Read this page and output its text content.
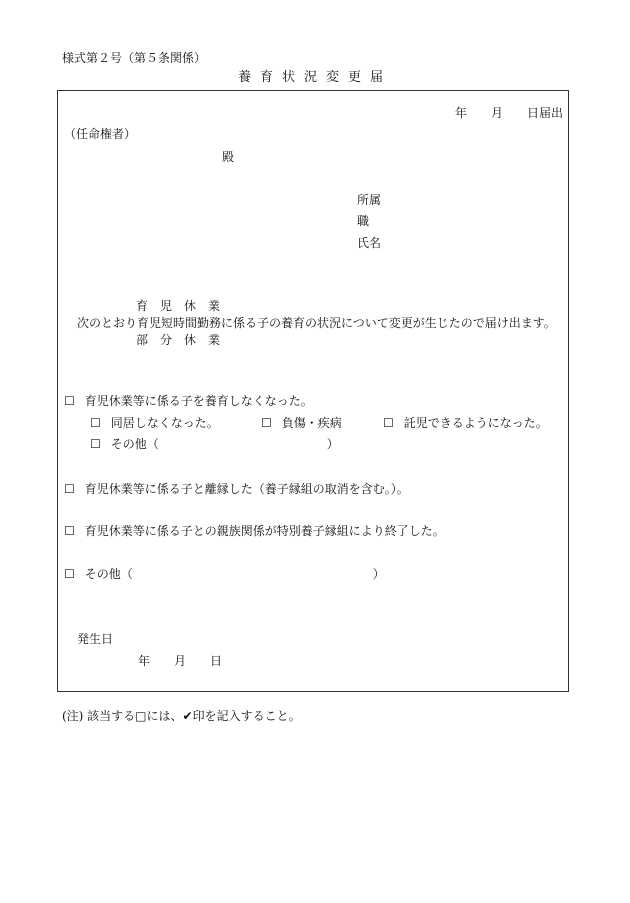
様式第２号（第５条関係）
養育状況変更届
年　　月　　日届出
（任命権者）
殿
所属
職
氏名
育　児　休　業
次のとおり育児短時間勤務に係る子の養育の状況について変更が生じたので届け出ます。
部　分　休　業
☐ 育児休業等に係る子を養育しなくなった。
☐ 同居しなくなった。	☐ 負傷・疾病	☐ 託児できるようになった。
☐ その他（　　　　　　　　　　　　　　）
☐ 育児休業等に係る子と離縁した（養子縁組の取消を含む。）。
☐ 育児休業等に係る子との親族関係が特別養子縁組により終了した。
☐ その他（　　　　　　　　　　　　　　　　　　　　）
発生日
年　　月　　日
(注) 該当する□には、✔印を記入すること。
